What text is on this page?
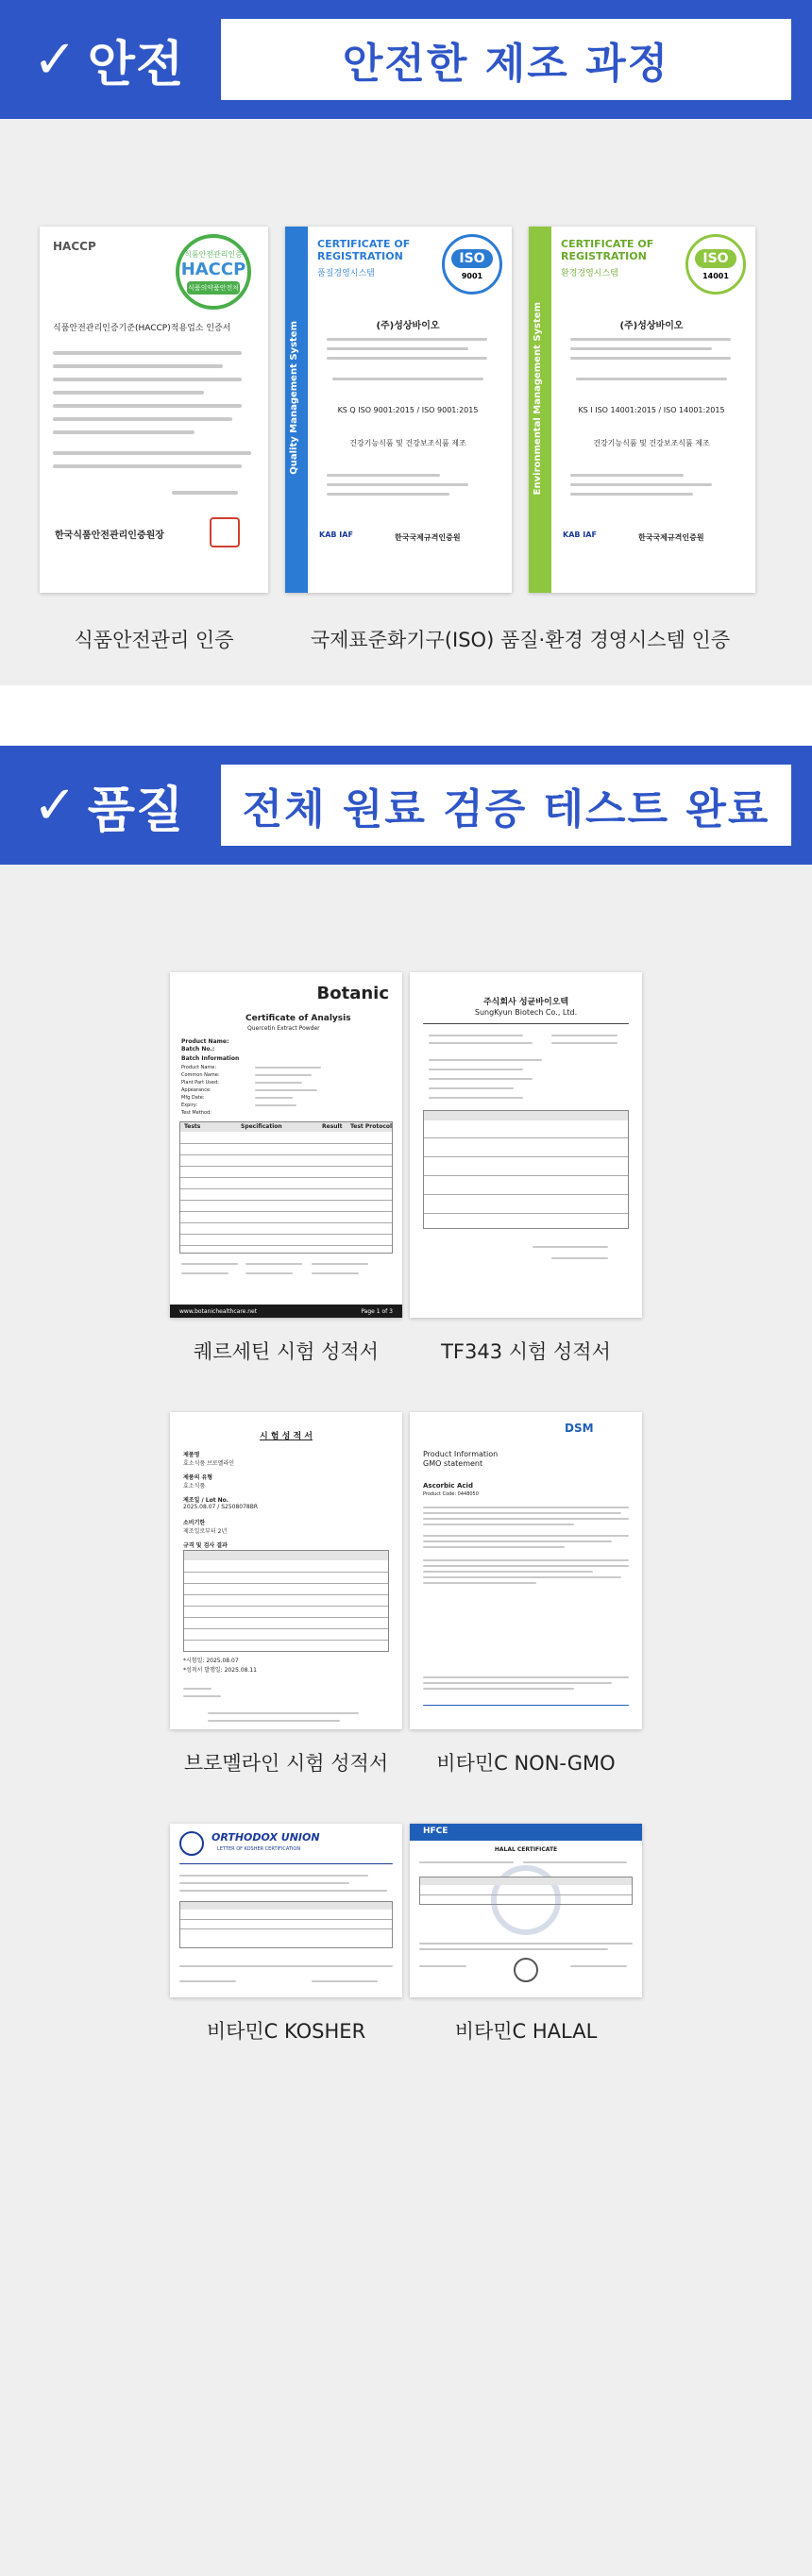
✓ 안전	안전한 제조 과정
HACCP
식품안전관리인증
HACCP
식품의약품안전처
식품안전관리인증기준(HACCP)적용업소 인증서
한국식품안전관리인증원장
Quality Management System
CERTIFICATE OF
REGISTRATION
품질경영시스템
ISO
9001
(주)성상바이오
KS Q ISO 9001:2015 / ISO 9001:2015
건강기능식품 및 건강보조식품 제조
KAB IAF	한국국제규격인증원
Environmental Management System
CERTIFICATE OF
REGISTRATION
환경경영시스템
ISO
14001
(주)성상바이오
KS I ISO 14001:2015 / ISO 14001:2015
건강기능식품 및 건강보조식품 제조
KAB IAF	한국국제규격인증원
식품안전관리 인증	국제표준화기구(ISO) 품질·환경 경영시스템 인증
✓ 품질 전체 원료 검증 테스트 완료
Botanic
Certificate of Analysis
Quercetin Extract Powder
Product Name:
Batch No.:
Batch Information
Product Name:
Common Name:
Plant Part Used:
Appearance:
Mfg Date:
Expiry:
Test Method:
Tests	Specification	Result Test Protocol
www.botanichealthcare.net	Page 1 of 3
주식회사 성균바이오텍
SungKyun Biotech Co., Ltd.
시 험 성 적 서
제품명
효소식품 브로멜라인
제품의 유형
효소식품
제조일 / Lot No.
2025.08.07 / S2508078BR
소비기한
제조일로부터 2년
규격 및 검사 결과
*시험일: 2025.08.07
*성적서 발행일: 2025.08.11
DSM
Product Information
GMO statement
Ascorbic Acid
Product Code: 0448050
ORTHODOX UNION
LETTER OF KOSHER CERTIFICATION
HFCE
HALAL CERTIFICATE
퀘르세틴 시험 성적서	TF343 시험 성적서
브로멜라인 시험 성적서	비타민C NON-GMO
비타민C KOSHER	비타민C HALAL
